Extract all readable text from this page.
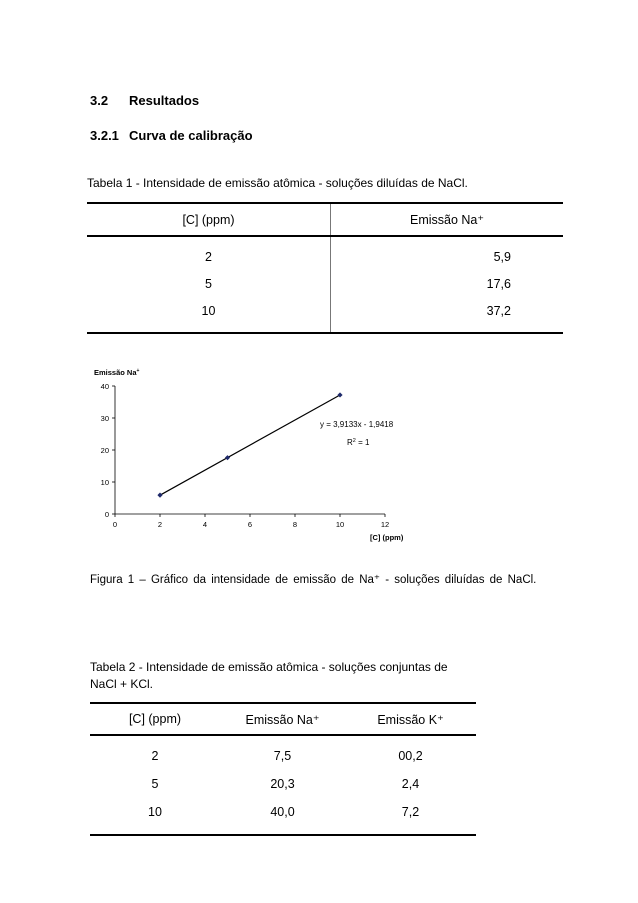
3.2 Resultados
3.2.1 Curva de calibração
Tabela 1 - Intensidade de emissão atômica - soluções diluídas de NaCl.
[C] (ppm)	Emissão Na⁺
2	5,9
5	17,6
10	37,2
Emissão Na+
0
10
20
30
40
0	2	4	6	8	10	12
y = 3,9133x - 1,9418
$R^2 = 1$
[C] (ppm)
Figura 1 – Gráfico da intensidade de emissão de Na⁺ - soluções diluídas de NaCl.
Tabela 2 - Intensidade de emissão atômica - soluções conjuntas de
NaCl + KCl.
[C] (ppm)	Emissão Na⁺	Emissão K⁺
2	7,5	00,2
5	20,3	2,4
10	40,0	7,2
